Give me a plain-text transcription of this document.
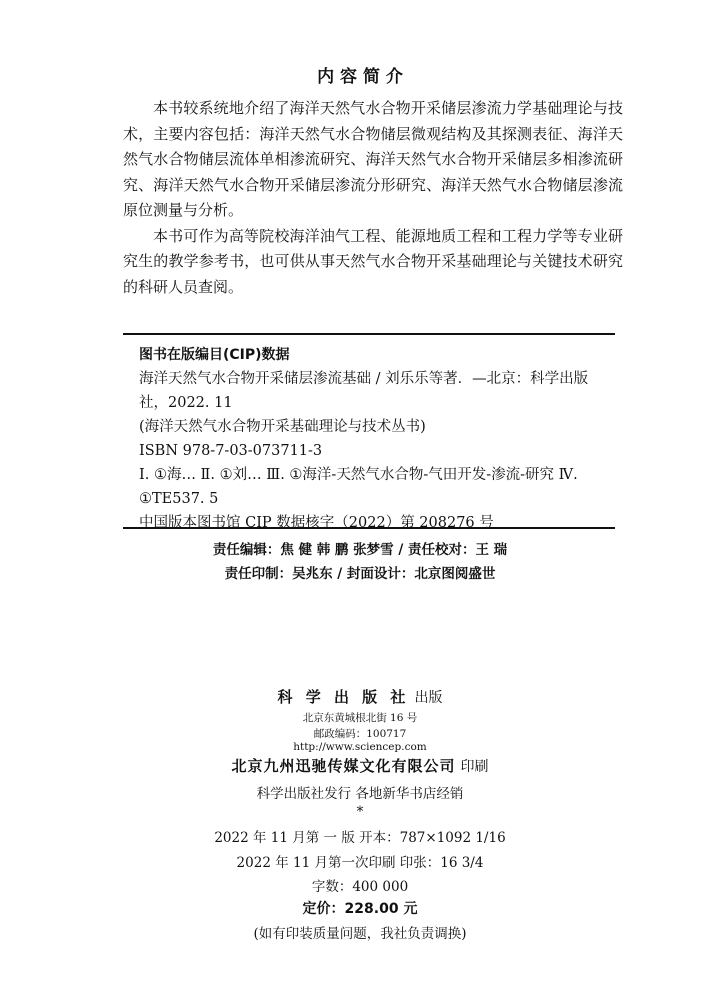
内 容 简 介

本书较系统地介绍了海洋天然气水合物开采储层渗流力学基础理论与技术，主要内容包括：海洋天然气水合物储层微观结构及其探测表征、海洋天然气水合物储层流体单相渗流研究、海洋天然气水合物开采储层多相渗流研究、海洋天然气水合物开采储层渗流分形研究、海洋天然气水合物储层渗流原位测量与分析。

本书可作为高等院校海洋油气工程、能源地质工程和工程力学等专业研究生的教学参考书，也可供从事天然气水合物开采基础理论与关键技术研究的科研人员查阅。

图书在版编目(CIP)数据
海洋天然气水合物开采储层渗流基础 / 刘乐乐等著．—北京：科学出版社，2022. 11
(海洋天然气水合物开采基础理论与技术丛书)
ISBN 978-7-03-073711-3
Ⅰ. ①海… Ⅱ. ①刘… Ⅲ. ①海洋-天然气水合物-气田开发-渗流-研究 Ⅳ. ①TE537. 5
中国版本图书馆 CIP 数据核字（2022）第 208276 号
责任编辑：焦 健 韩 鹏 张梦雪 / 责任校对：王 瑞
责任印制：吴兆东 / 封面设计：北京图阅盛世
科 学 出 版 社 出版
北京东黄城根北街 16 号
邮政编码：100717
http://www.sciencep.com
北京九州迅驰传媒文化有限公司 印刷
科学出版社发行 各地新华书店经销
*
2022 年 11 月第 一 版 开本：787×1092 1/16
2022 年 11 月第一次印刷 印张：16 3/4
字数：400 000
定价：228.00 元
(如有印装质量问题，我社负责调换)
